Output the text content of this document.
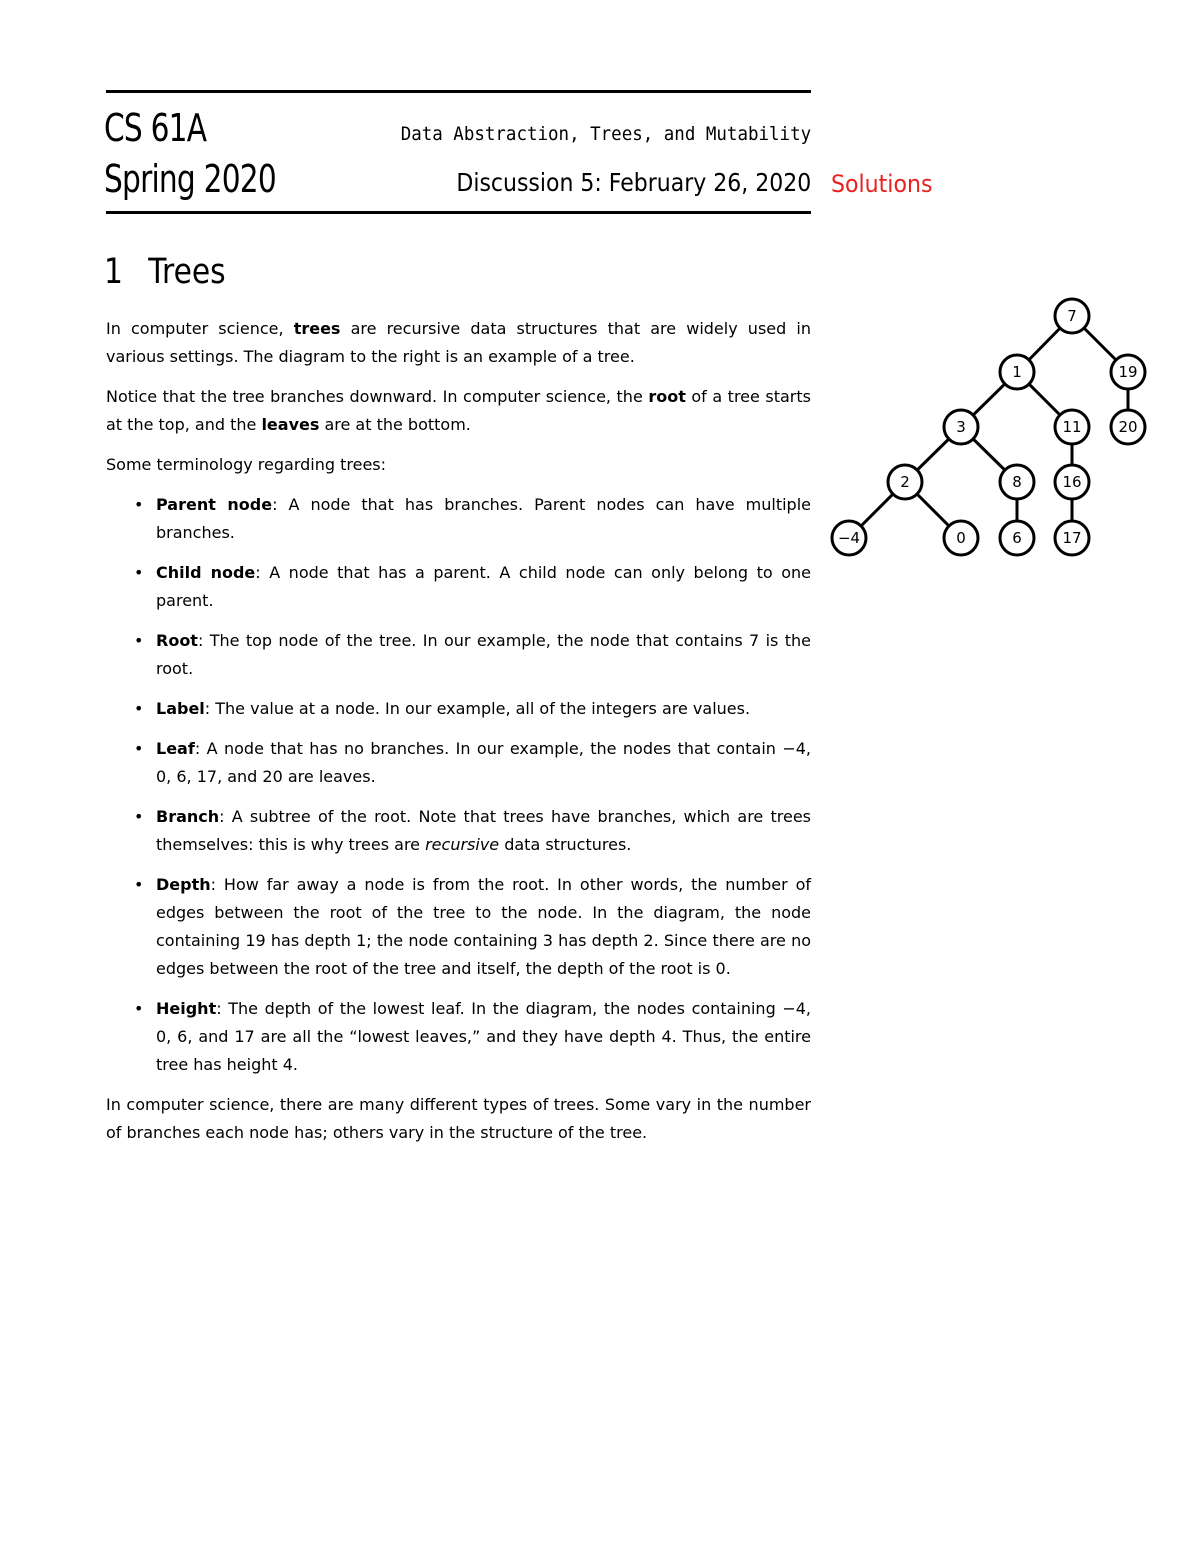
CS 61A
Spring 2020
Data Abstraction, Trees, and Mutability
Discussion 5: February 26, 2020 Solutions
1 Trees

In computer science, trees are recursive data structures that are widely used in various settings. The diagram to the right is an example of a tree.

Notice that the tree branches downward. In computer science, the root of a tree starts at the top, and the leaves are at the bottom.

Some terminology regarding trees:

• Parent node: A node that has branches. Parent nodes can have multiple branches.
• Child node: A node that has a parent. A child node can only belong to one parent.
• Root: The top node of the tree. In our example, the node that contains 7 is the root.
• Label: The value at a node. In our example, all of the integers are values.
• Leaf: A node that has no branches. In our example, the nodes that contain −4, 0, 6, 17, and 20 are leaves.
• Branch: A subtree of the root. Note that trees have branches, which are trees themselves: this is why trees are recursive data structures.
• Depth: How far away a node is from the root. In other words, the number of edges between the root of the tree to the node. In the diagram, the node containing 19 has depth 1; the node containing 3 has depth 2. Since there are no edges between the root of the tree and itself, the depth of the root is 0.
• Height: The depth of the lowest leaf. In the diagram, the nodes containing −4, 0, 6, and 17 are all the “lowest leaves,” and they have depth 4. Thus, the entire tree has height 4.

In computer science, there are many different types of trees. Some vary in the number of branches each node has; others vary in the structure of the tree.

7
1	19
3	11 20
2	8	16
−4	0	6	17
